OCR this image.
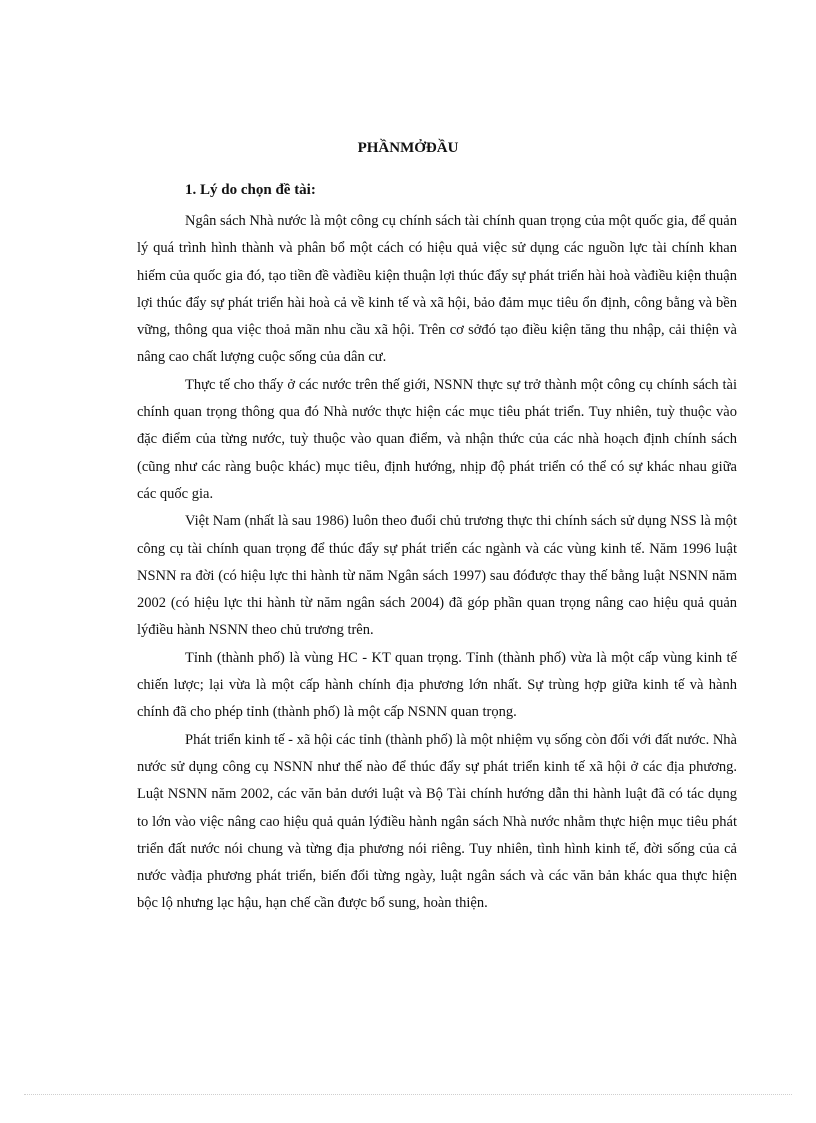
PHẦNMỞĐẦU
1. Lý do chọn đề tài:

Ngân sách Nhà nước là một công cụ chính sách tài chính quan trọng của một quốc gia, để quản lý quá trình hình thành và phân bổ một cách có hiệu quả việc sử dụng các nguồn lực tài chính khan hiếm của quốc gia đó, tạo tiền đề vàđiều kiện thuận lợi thúc đẩy sự phát triển hài hoà vàđiều kiện thuận lợi thúc đẩy sự phát triển hài hoà cả về kinh tế và xã hội, bảo đảm mục tiêu ổn định, công bằng và bền vững, thông qua việc thoả mãn nhu cầu xã hội. Trên cơ sởđó tạo điều kiện tăng thu nhập, cải thiện và nâng cao chất lượng cuộc sống của dân cư.

Thực tế cho thấy ở các nước trên thế giới, NSNN thực sự trở thành một công cụ chính sách tài chính quan trọng thông qua đó Nhà nước thực hiện các mục tiêu phát triển. Tuy nhiên, tuỳ thuộc vào đặc điểm của từng nước, tuỳ thuộc vào quan điểm, và nhận thức của các nhà hoạch định chính sách (cũng như các ràng buộc khác) mục tiêu, định hướng, nhịp độ phát triển có thể có sự khác nhau giữa các quốc gia.

Việt Nam (nhất là sau 1986) luôn theo đuổi chủ trương thực thi chính sách sử dụng NSS là một công cụ tài chính quan trọng để thúc đẩy sự phát triển các ngành và các vùng kinh tế. Năm 1996 luật NSNN ra đời (có hiệu lực thi hành từ năm Ngân sách 1997) sau đóđược thay thế bằng luật NSNN năm 2002 (có hiệu lực thi hành từ năm ngân sách 2004) đã góp phần quan trọng nâng cao hiệu quả quản lýđiều hành NSNN theo chủ trương trên.

Tỉnh (thành phố) là vùng HC - KT quan trọng. Tỉnh (thành phố) vừa là một cấp vùng kinh tế chiến lược; lại vừa là một cấp hành chính địa phương lớn nhất. Sự trùng hợp giữa kinh tế và hành chính đã cho phép tỉnh (thành phố) là một cấp NSNN quan trọng.

Phát triển kinh tế - xã hội các tỉnh (thành phố) là một nhiệm vụ sống còn đối với đất nước. Nhà nước sử dụng công cụ NSNN như thế nào để thúc đẩy sự phát triển kinh tế xã hội ở các địa phương. Luật NSNN năm 2002, các văn bản dưới luật và Bộ Tài chính hướng dẫn thi hành luật đã có tác dụng to lớn vào việc nâng cao hiệu quả quản lýđiều hành ngân sách Nhà nước nhằm thực hiện mục tiêu phát triển đất nước nói chung và từng địa phương nói riêng. Tuy nhiên, tình hình kinh tế, đời sống của cả nước vàđịa phương phát triển, biến đổi từng ngày, luật ngân sách và các văn bản khác qua thực hiện bộc lộ nhưng lạc hậu, hạn chế cần được bổ sung, hoàn thiện.
